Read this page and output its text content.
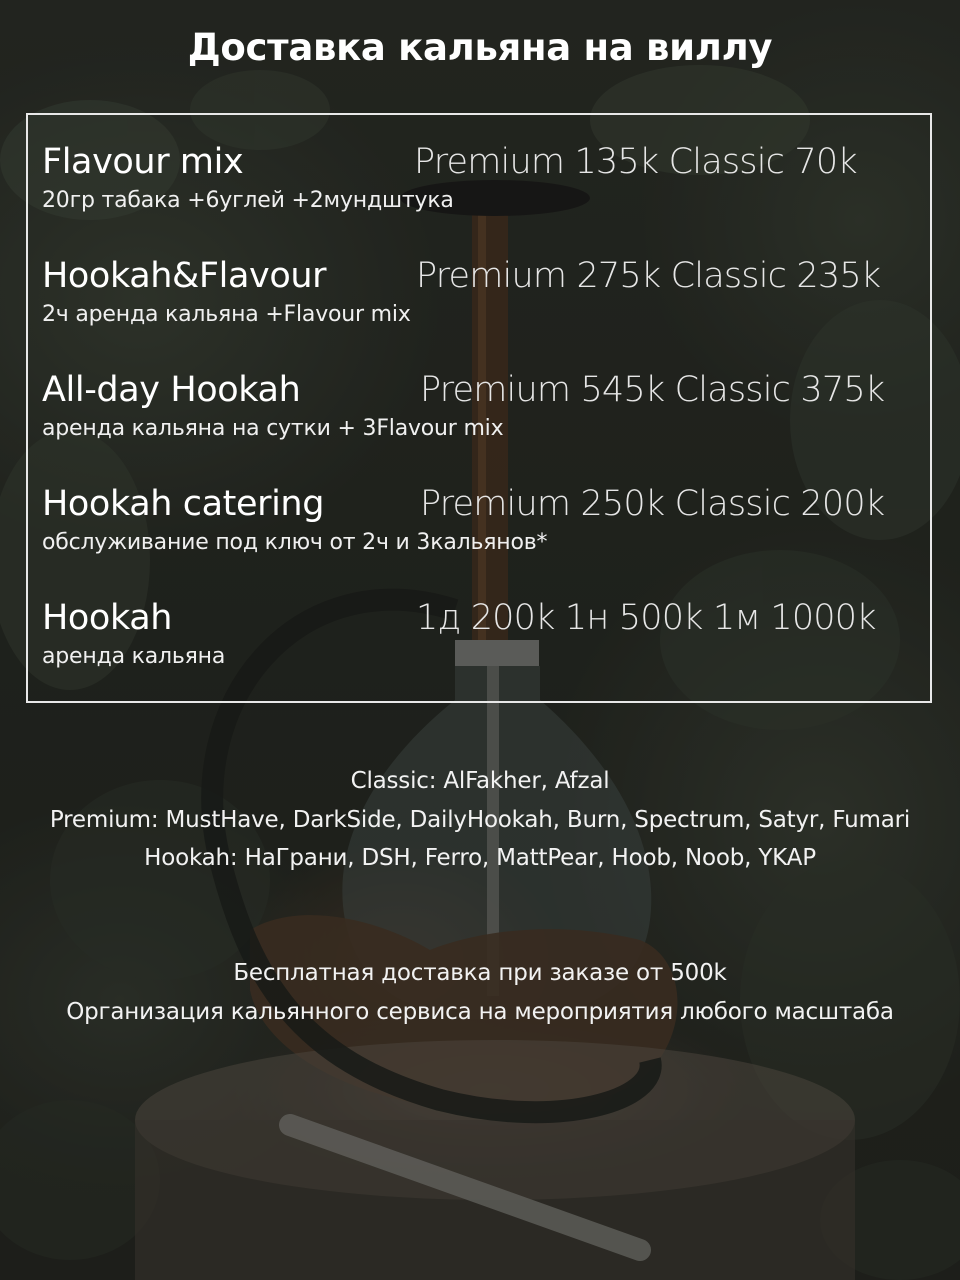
Доставка кальяна на виллу
Flavour mix	Premium 135k Classic 70k
20гр табака +6углей +2мундштука
Hookah&Flavour	Premium 275k Classic 235k
2ч аренда кальяна +Flavour mix
All-day Hookah	Premium 545k Classic 375k
аренда кальяна на сутки + 3Flavour mix
Hookah catering	Premium 250k Classic 200k
обслуживание под ключ от 2ч и 3кальянов*
Hookah	1д 200k 1н 500k 1м 1000k
аренда кальяна
Classic: AlFakher, Afzal
Premium: MustHave, DarkSide, DailyHookah, Burn, Spectrum, Satyr, Fumari
Hookah: НаГрани, DSH, Ferro, MattPear, Hoob, Noob, YKAP
Бесплатная доставка при заказе от 500k
Организация кальянного сервиса на мероприятия любого масштаба
